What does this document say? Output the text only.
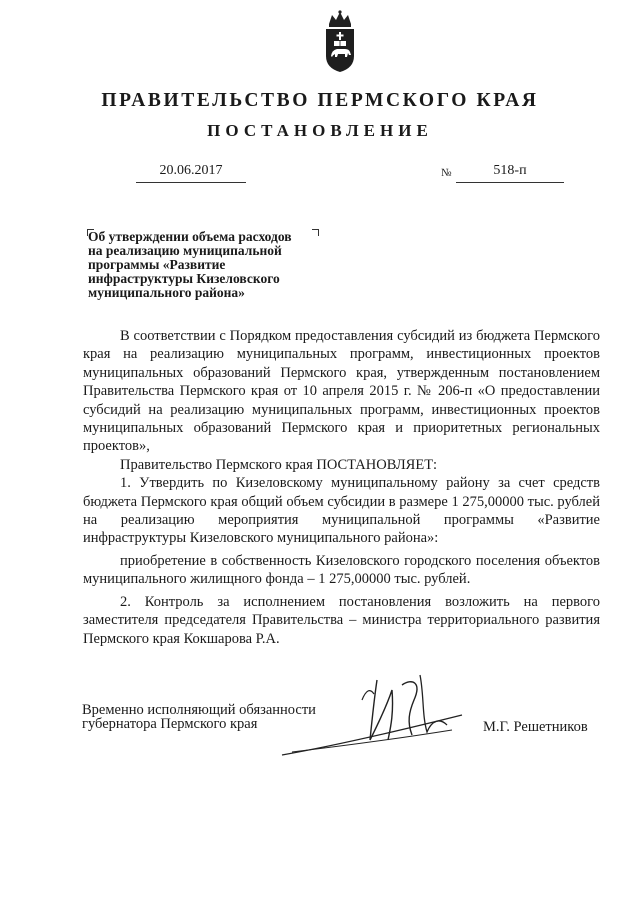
ПРАВИТЕЛЬСТВО ПЕРМСКОГО КРАЯ
ПОСТАНОВЛЕНИЕ
20.06.2017	№	518-п
Об утверждении объема расходов
на реализацию муниципальной
программы «Развитие
инфраструктуры Кизеловского
муниципального района»

В соответствии с Порядком предоставления субсидий из бюджета Пермского края на реализацию муниципальных программ, инвестиционных проектов муниципальных образований Пермского края, утвержденным постановлением Правительства Пермского края от 10 апреля 2015 г. № 206-п «О предоставлении субсидий на реализацию муниципальных программ, инвестиционных проектов муниципальных образований Пермского края и приоритетных региональных проектов»,

Правительство Пермского края ПОСТАНОВЛЯЕТ:

1. Утвердить по Кизеловскому муниципальному району за счет средств бюджета Пермского края общий объем субсидии в размере 1 275,00000 тыс. рублей на реализацию мероприятия муниципальной программы «Развитие инфраструктуры Кизеловского муниципального района»:

приобретение в собственность Кизеловского городского поселения объектов муниципального жилищного фонда – 1 275,00000 тыс. рублей.

2. Контроль за исполнением постановления возложить на первого заместителя председателя Правительства – министра территориального развития Пермского края Кокшарова Р.А.

Временно исполняющий обязанности
губернатора Пермского края	М.Г. Решетников
